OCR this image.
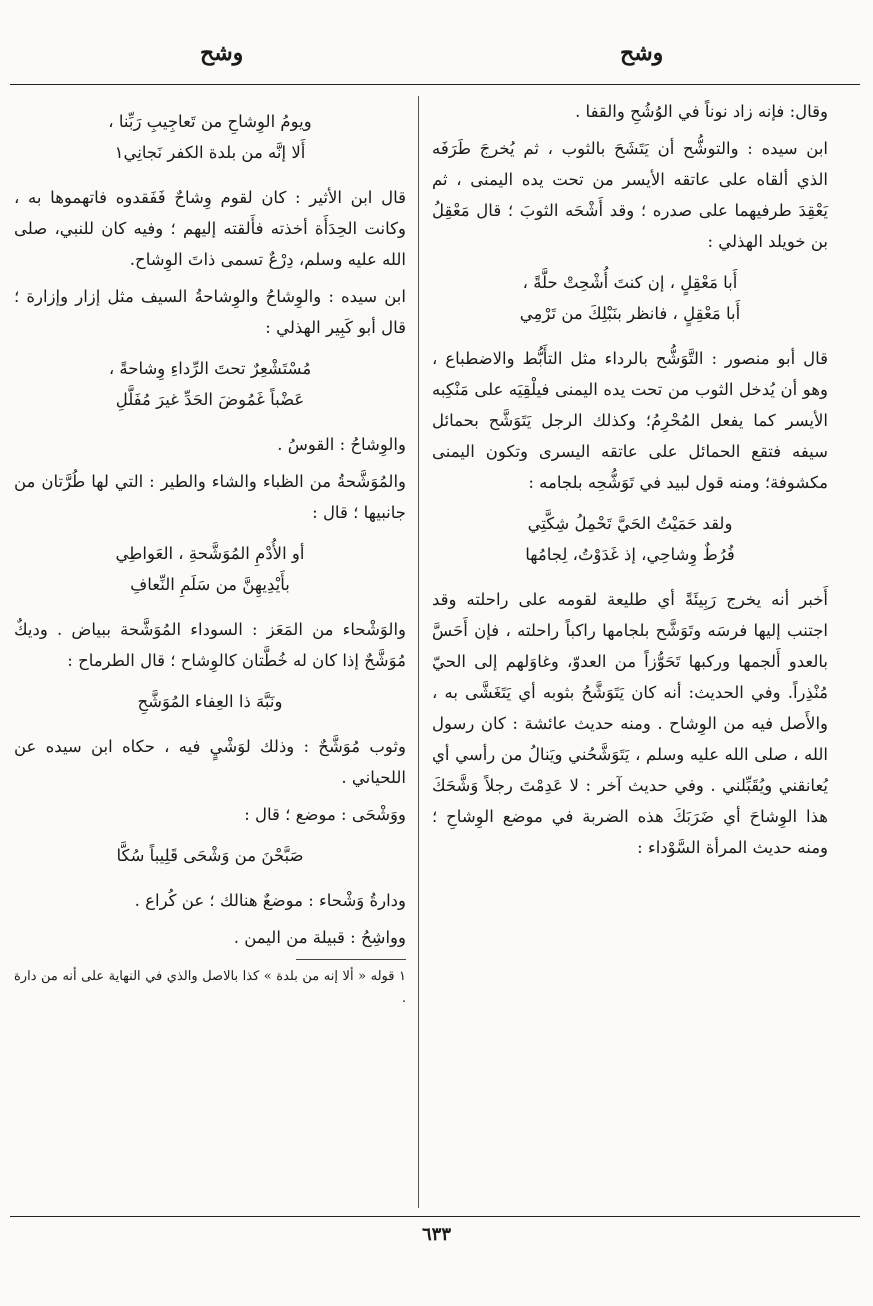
وشح
وشح

وقال: فإنه زاد نوناً في الوُشُحِ والقفا .

ابن سيده : والتوشُّح أن يَتَشَحَ بالثوب ، ثم يُخرجَ طَرَفَه الذي ألقاه على عاتقه الأيسر من تحت يده اليمنى ، ثم يَعْقِدَ طرفيهما على صدره ؛ وقد أَشْحَه الثوبَ ؛ قال مَعْقِلُ بن خويلد الهذلي :

أَبا مَعْقِلٍ ، إن كنتَ أُشْحِتْ حلَّةً ،
أَبا مَعْقِلٍ ، فانظر بنَبْلِكَ من تَرْمِي

قال أبو منصور : التَّوَشُّح بالرداء مثل التأَبُّط والاضطباع ، وهو أن يُدخل الثوب من تحت يده اليمنى فيلْقِيَه على مَنْكِبه الأيسر كما يفعل المُحْرِمُ؛ وكذلك الرجل يَتَوَشَّح بحمائل سيفه فتقع الحمائل على عاتقه اليسرى وتكون اليمنى مكشوفة؛ ومنه قول لبيد في تَوَشُّحِه بلجامه :

ولقد حَمَيْتُ الحَيَّ تَحْمِلُ شِكَّتِي
فُرُطٌ وِشاحِي، إذ غَدَوْتُ، لِجامُها

أَخبر أنه يخرج رَبِيئَةً أي طليعة لقومه على راحلته وقد اجتنب إليها فرسَه وتَوَشَّح بلجامها راكباً راحلته ، فإن أَحَسَّ بالعدو أَلجمها وركبها تَحَوُّزاً من العدوّ، وغاوَلهم إلى الحيّ مُنْذِراً. وفي الحديث: أنه كان يَتَوَشَّحُ بثوبه أي يَتَغَشَّى به ، والأَصل فيه من الوِشاح . ومنه حديث عائشة : كان رسول الله ، صلى الله عليه وسلم ، يَتَوَشَّحُني ويَنالُ من رأسي أي يُعانقني ويُقَبِّلني . وفي حديث آخر : لا عَدِمْتَ رجلاً وَشَّحَكَ هذا الوِشاحَ أي ضَرَبَكَ هذه الضربة في موضع الوِشاحِ ؛ ومنه حديث المرأة السَّوْداء :

ويومُ الوِشاحِ من تَعاجِيبِ رَبِّنا ،
أَلا إنَّه من بلدة الكفر نَجانِي١

قال ابن الأثير : كان لقوم وِشاحٌ فَفَقدوه فاتهموها به ، وكانت الحِدَأَة أخذته فأَلقته إليهم ؛ وفيه كان للنبي، صلى الله عليه وسلم، دِرْعٌ تسمى ذاتَ الوِشاح.

ابن سيده : والوِشاحُ والوِشاحةُ السيف مثل إزار وإزارة ؛ قال أبو كَبِير الهذلي :

مُسْتَشْعِرٌ تحتَ الرِّداءِ وِشاحةً ،
عَضْباً غَمُوضَ الحَدِّ غيرَ مُفَلَّلِ

والوِشاحُ : القوسُ .

والمُوَشَّحةُ من الظباء والشاء والطير : التي لها طُرَّتان من جانبيها ؛ قال :

أو الأُدْمِ المُوَشَّحةِ ، العَواطِي
بأَيْدِيهِنَّ من سَلَمِ النِّعافِ

والوَشْحاء من المَعَز : السوداء المُوَشَّحة ببياض . وديكٌ مُوَشَّحٌ إذا كان له خُطَّتان كالوِشاح ؛ قال الطرماح :

ونَبَّهَ ذا العِفاء المُوَشَّحِ

وثوب مُوَشَّحٌ : وذلك لوَشْيٍ فيه ، حكاه ابن سيده عن اللحياني .

ووَشْحَى : موضع ؛ قال :

صَبَّحْنَ من وَشْحَى قَلِيباً سُكَّا

ودارةُ وَشْحاء : موضعٌ هنالك ؛ عن كُراع .

وواشِحُ : قبيلة من اليمن .

١ قوله « ألا إنه من بلدة » كذا بالاصل والذي في النهاية على أنه من دارة .

٦٣٣
